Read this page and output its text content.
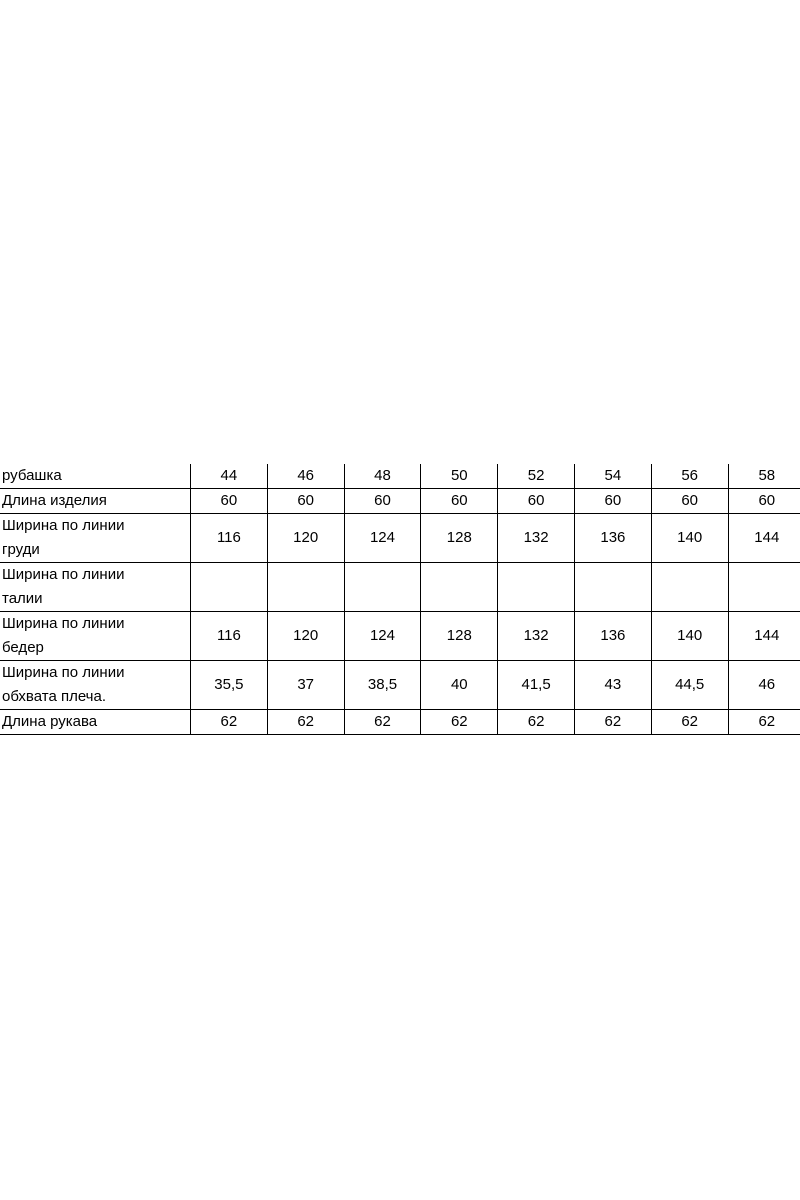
рубашка	44	46	48	50	52	54	56	58

Длина изделия	60	60	60	60	60	60	60	60

Ширина по линии
груди	116	120	124	128	132	136	140	144

Ширина по линии
талии								

Ширина по линии
бедер	116	120	124	128	132	136	140	144

Ширина по линии
обхвата плеча.	35,5	37	38,5	40	41,5	43	44,5	46

Длина рукава	62	62	62	62	62	62	62	62
